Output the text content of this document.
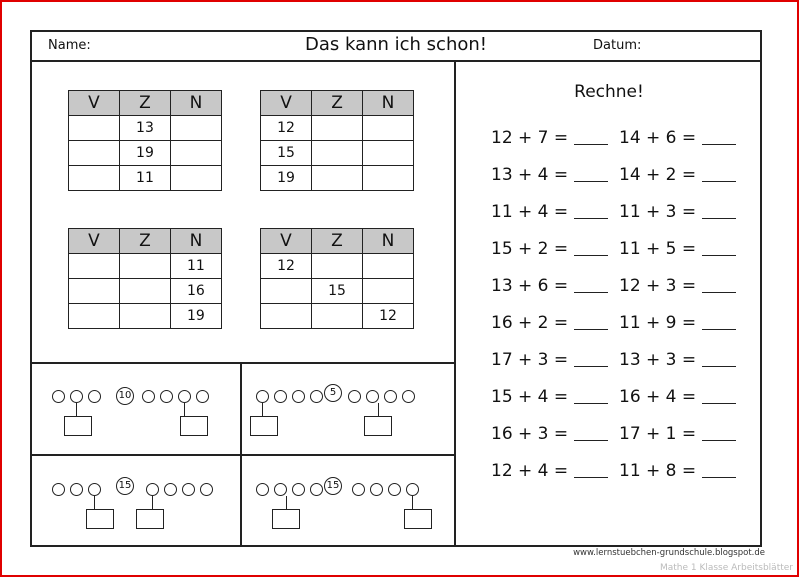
Name:	Das kann ich schon!	Datum:
V	Z	N
	13	
	19	
	11	
V	Z	N
12		
15		
19		
V	Z	N
		11
		16
		19
V	Z	N
12		
	15	
		12
10	5
15	15
Rechne!
12 + 7 =
13 + 4 =
11 + 4 =
15 + 2 =
13 + 6 =
16 + 2 =
17 + 3 =
15 + 4 =
16 + 3 =
12 + 4 =
14 + 6 =
14 + 2 =
11 + 3 =
11 + 5 =
12 + 3 =
11 + 9 =
13 + 3 =
16 + 4 =
17 + 1 =
11 + 8 =
www.lernstuebchen-grundschule.blogspot.de
Mathe 1 Klasse Arbeitsblätter
